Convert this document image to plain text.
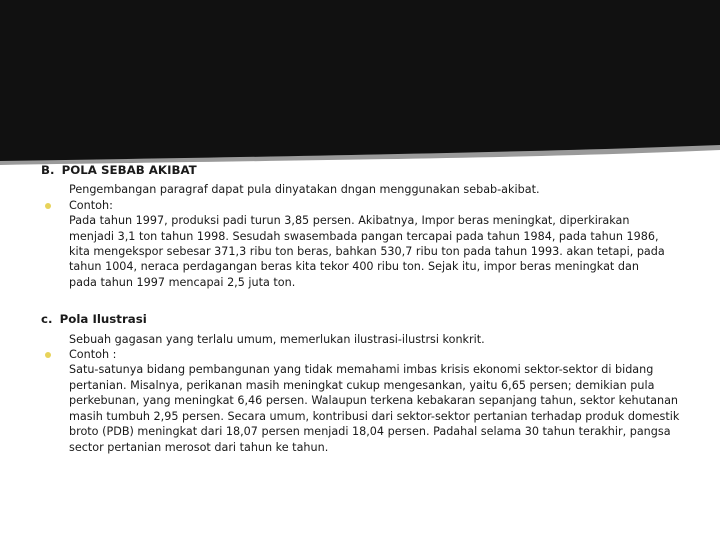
B. POLA SEBAB AKIBAT
Pengembangan paragraf dapat pula dinyatakan dngan menggunakan sebab-akibat.
Contoh:
Pada tahun 1997, produksi padi turun 3,85 persen. Akibatnya, Impor beras meningkat, diperkirakan menjadi 3,1 ton tahun 1998. Sesudah swasembada pangan tercapai pada tahun 1984, pada tahun 1986, kita mengekspor sebesar 371,3 ribu ton beras, bahkan 530,7 ribu ton pada tahun 1993. akan tetapi, pada tahun 1004, neraca perdagangan beras kita tekor 400 ribu ton. Sejak itu, impor beras meningkat dan pada tahun 1997 mencapai 2,5 juta ton.
c. Pola Ilustrasi
Sebuah gagasan yang terlalu umum, memerlukan ilustrasi-ilustrsi konkrit.
Contoh :
Satu-satunya bidang pembangunan yang tidak memahami imbas krisis ekonomi sektor-sektor di bidang pertanian. Misalnya, perikanan masih meningkat cukup mengesankan, yaitu 6,65 persen; demikian pula perkebunan, yang meningkat 6,46 persen. Walaupun terkena kebakaran sepanjang tahun, sektor kehutanan masih tumbuh 2,95 persen. Secara umum, kontribusi dari sektor-sektor pertanian terhadap produk domestik broto (PDB) meningkat dari 18,07 persen menjadi 18,04 persen. Padahal selama 30 tahun terakhir, pangsa sector pertanian merosot dari tahun ke tahun.
